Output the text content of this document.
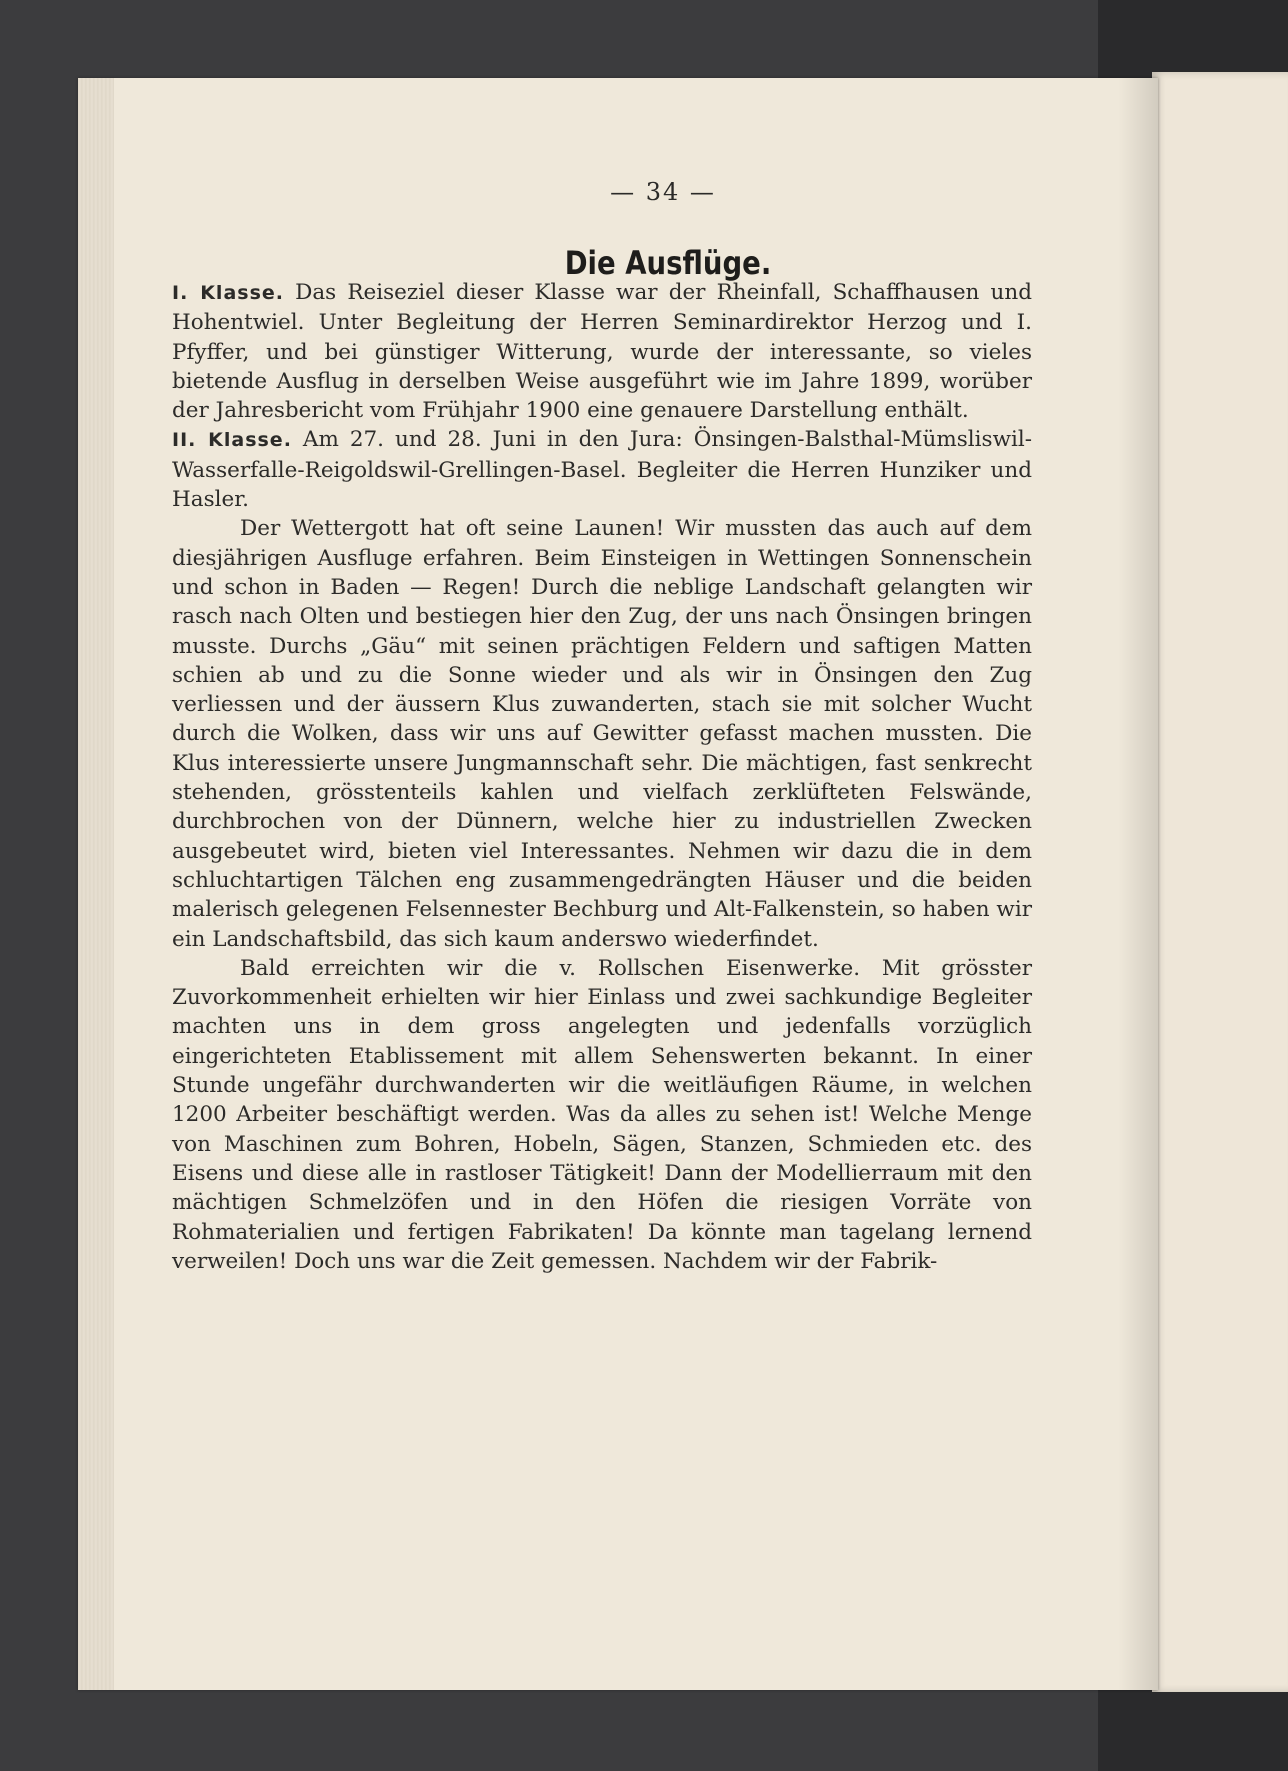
— 34 —
Die Ausflüge.

I. Klasse. Das Reiseziel dieser Klasse war der Rheinfall, Schaffhausen und Hohentwiel. Unter Begleitung der Herren Seminardirektor Herzog und I. Pfyffer, und bei günstiger Witterung, wurde der interessante, so vieles bietende Ausflug in derselben Weise ausgeführt wie im Jahre 1899, worüber der Jahresbericht vom Frühjahr 1900 eine genauere Darstellung enthält.

II. Klasse. Am 27. und 28. Juni in den Jura: Önsingen-Balsthal-Mümsliswil-Wasserfalle-Reigoldswil-Grellingen-Basel. Begleiter die Herren Hunziker und Hasler.

Der Wettergott hat oft seine Launen! Wir mussten das auch auf dem diesjährigen Ausfluge erfahren. Beim Einsteigen in Wettingen Sonnenschein und schon in Baden — Regen! Durch die neblige Landschaft gelangten wir rasch nach Olten und bestiegen hier den Zug, der uns nach Önsingen bringen musste. Durchs „Gäu“ mit seinen prächtigen Feldern und saftigen Matten schien ab und zu die Sonne wieder und als wir in Önsingen den Zug verliessen und der äussern Klus zuwanderten, stach sie mit solcher Wucht durch die Wolken, dass wir uns auf Gewitter gefasst machen mussten. Die Klus interessierte unsere Jungmannschaft sehr. Die mächtigen, fast senkrecht stehenden, grösstenteils kahlen und vielfach zerklüfteten Felswände, durchbrochen von der Dünnern, welche hier zu industriellen Zwecken ausgebeutet wird, bieten viel Interessantes. Nehmen wir dazu die in dem schluchtartigen Tälchen eng zusammengedrängten Häuser und die beiden malerisch gelegenen Felsennester Bechburg und Alt-Falkenstein, so haben wir ein Landschaftsbild, das sich kaum anderswo wiederfindet.

Bald erreichten wir die v. Rollschen Eisenwerke. Mit grösster Zuvorkommenheit erhielten wir hier Einlass und zwei sachkundige Begleiter machten uns in dem gross angelegten und jedenfalls vorzüglich eingerichteten Etablissement mit allem Sehenswerten bekannt. In einer Stunde ungefähr durchwanderten wir die weitläufigen Räume, in welchen 1200 Arbeiter beschäftigt werden. Was da alles zu sehen ist! Welche Menge von Maschinen zum Bohren, Hobeln, Sägen, Stanzen, Schmieden etc. des Eisens und diese alle in rastloser Tätigkeit! Dann der Modellierraum mit den mächtigen Schmelzöfen und in den Höfen die riesigen Vorräte von Rohmaterialien und fertigen Fabrikaten! Da könnte man tagelang lernend verweilen! Doch uns war die Zeit gemessen. Nachdem wir der Fabrik-
